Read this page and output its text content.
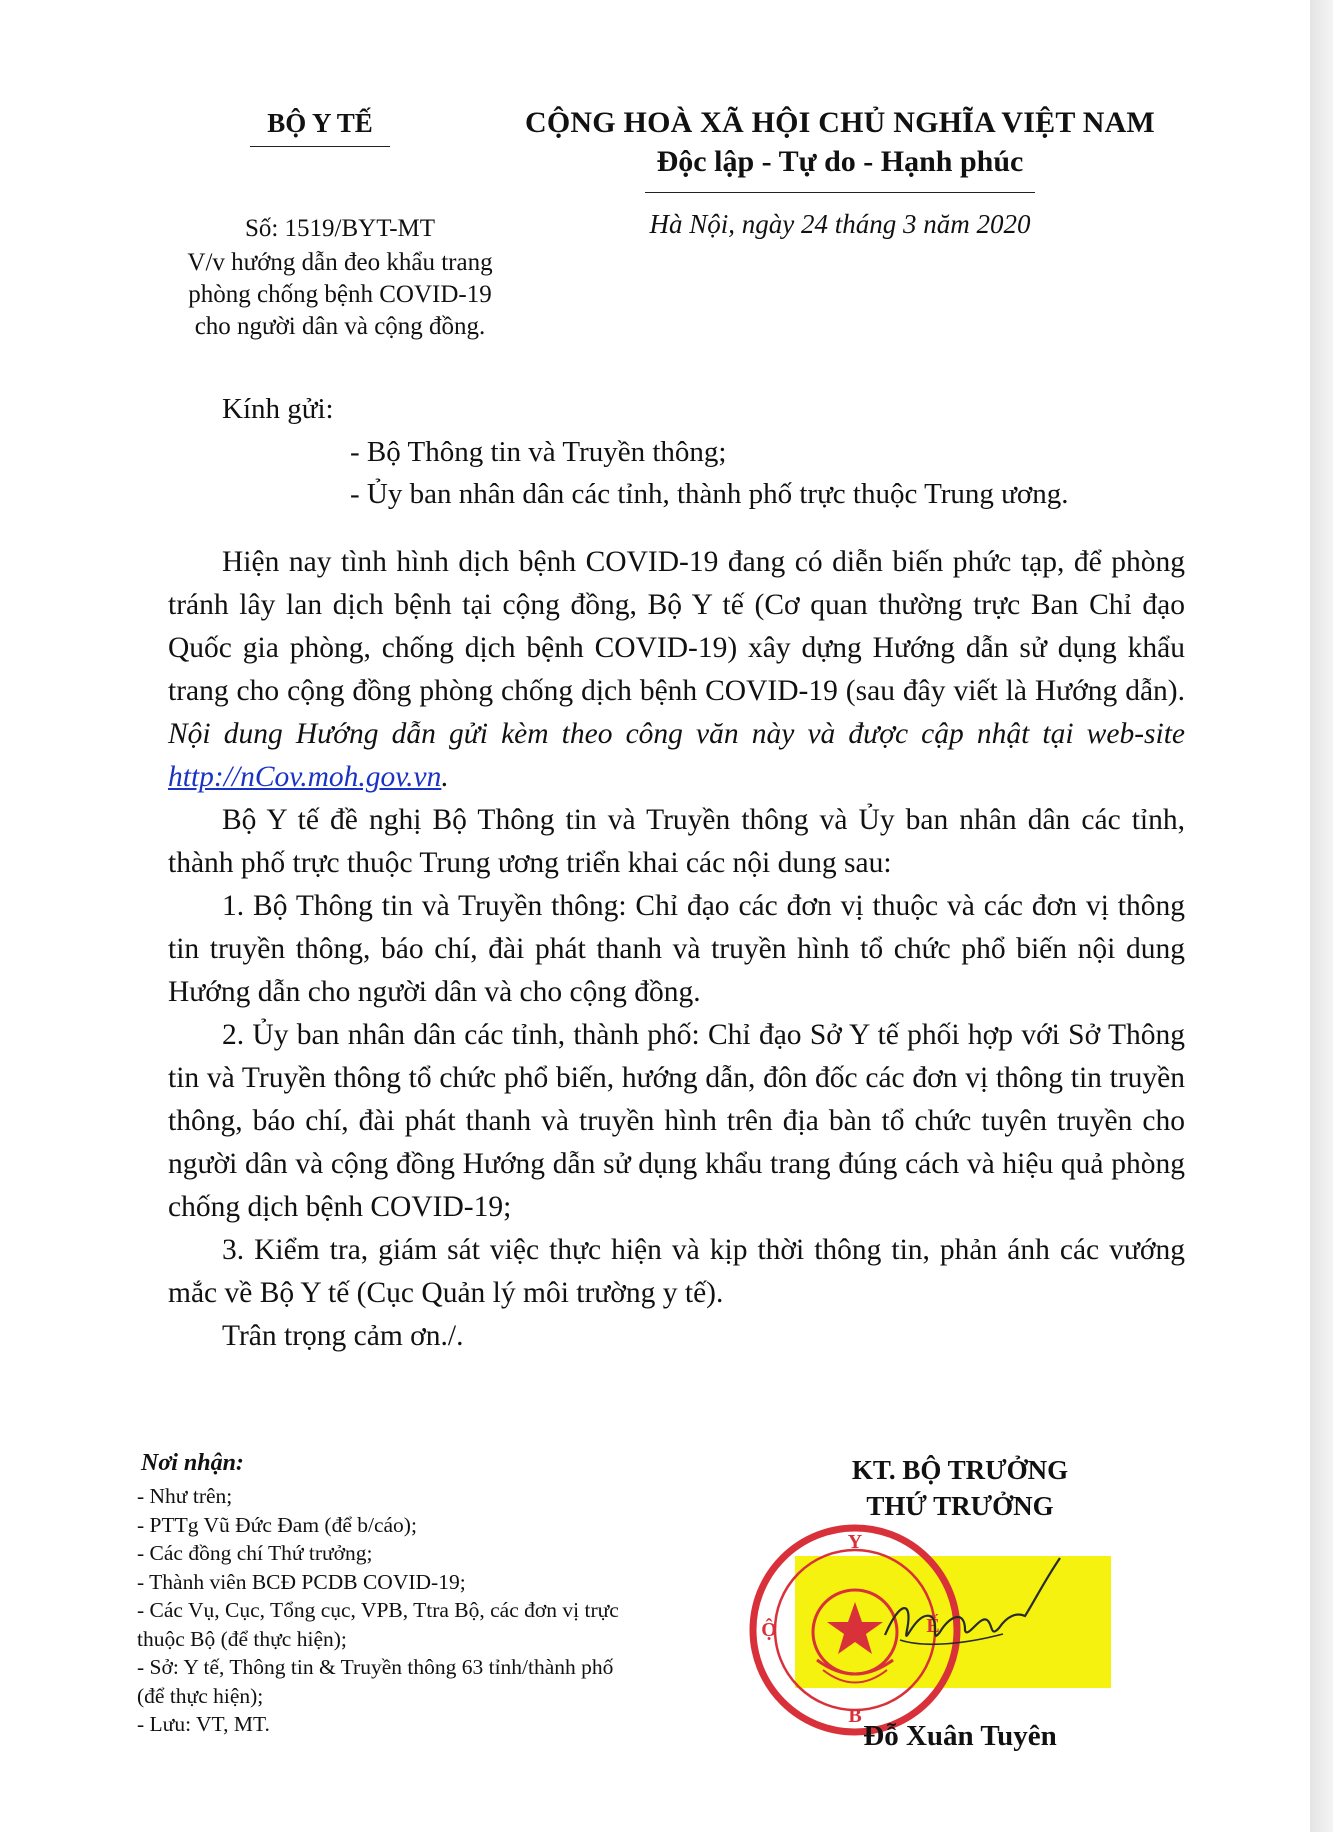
BỘ Y TẾ
Số: 1519/BYT-MT
V/v hướng dẫn đeo khẩu trang
phòng chống bệnh COVID-19
cho người dân và cộng đồng.
CỘNG HOÀ XÃ HỘI CHỦ NGHĨA VIỆT NAM
Độc lập - Tự do - Hạnh phúc
Hà Nội, ngày 24 tháng 3 năm 2020
Kính gửi:
- Bộ Thông tin và Truyền thông;
- Ủy ban nhân dân các tỉnh, thành phố trực thuộc Trung ương.

Hiện nay tình hình dịch bệnh COVID-19 đang có diễn biến phức tạp, để phòng tránh lây lan dịch bệnh tại cộng đồng, Bộ Y tế (Cơ quan thường trực Ban Chỉ đạo Quốc gia phòng, chống dịch bệnh COVID-19) xây dựng Hướng dẫn sử dụng khẩu trang cho cộng đồng phòng chống dịch bệnh COVID-19 (sau đây viết là Hướng dẫn). Nội dung Hướng dẫn gửi kèm theo công văn này và được cập nhật tại web-site http://nCov.moh.gov.vn.

Bộ Y tế đề nghị Bộ Thông tin và Truyền thông và Ủy ban nhân dân các tỉnh, thành phố trực thuộc Trung ương triển khai các nội dung sau:

1. Bộ Thông tin và Truyền thông: Chỉ đạo các đơn vị thuộc và các đơn vị thông tin truyền thông, báo chí, đài phát thanh và truyền hình tổ chức phổ biến nội dung Hướng dẫn cho người dân và cho cộng đồng.

2. Ủy ban nhân dân các tỉnh, thành phố: Chỉ đạo Sở Y tế phối hợp với Sở Thông tin và Truyền thông tổ chức phổ biến, hướng dẫn, đôn đốc các đơn vị thông tin truyền thông, báo chí, đài phát thanh và truyền hình trên địa bàn tổ chức tuyên truyền cho người dân và cộng đồng Hướng dẫn sử dụng khẩu trang đúng cách và hiệu quả phòng chống dịch bệnh COVID-19;

3. Kiểm tra, giám sát việc thực hiện và kịp thời thông tin, phản ánh các vướng mắc về Bộ Y tế (Cục Quản lý môi trường y tế).

Trân trọng cảm ơn./.

Nơi nhận:
- Như trên;
- PTTg Vũ Đức Đam (để b/cáo);
- Các đồng chí Thứ trưởng;
- Thành viên BCĐ PCDB COVID-19;
- Các Vụ, Cục, Tổng cục, VPB, Ttra Bộ, các đơn vị trực
thuộc Bộ (để thực hiện);
- Sở: Y tế, Thông tin & Truyền thông 63 tỉnh/thành phố
(để thực hiện);
- Lưu: VT, MT.
KT. BỘ TRƯỞNG
THỨ TRƯỞNG
Y
Ộ	Ế
B
Đỗ Xuân Tuyên
